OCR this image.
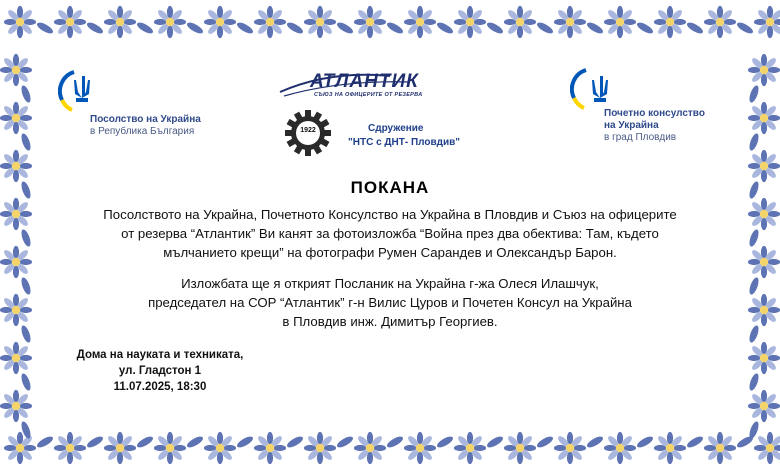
Посолство на Украйна
в Република България
Почетно консулство
на Украйна
в град Пловдив
АТЛАНТИК
СЪЮЗ НА ОФИЦЕРИТЕ ОТ РЕЗЕРВА
1922	Сдружение
"НТС с ДНТ- Пловдив"
ПОКАНА
Посолството на Украйна, Почетното Консулство на Украйна в Пловдив и Съюз на офицерите
от резерва “Атлантик” Ви канят за фотоизложба “Война през два обектива: Там, където
мълчанието крещи” на фотографи Румен Сарандев и Олександър Барон.
Изложбата ще я открият Посланик на Украйна г-жа Олеся Илашчук,
председател на СОР “Атлантик” г-н Вилис Цуров и Почетен Консул на Украйна
в Пловдив инж. Димитър Георгиев.
Дома на науката и техниката,
ул. Гладстон 1
11.07.2025, 18:30
